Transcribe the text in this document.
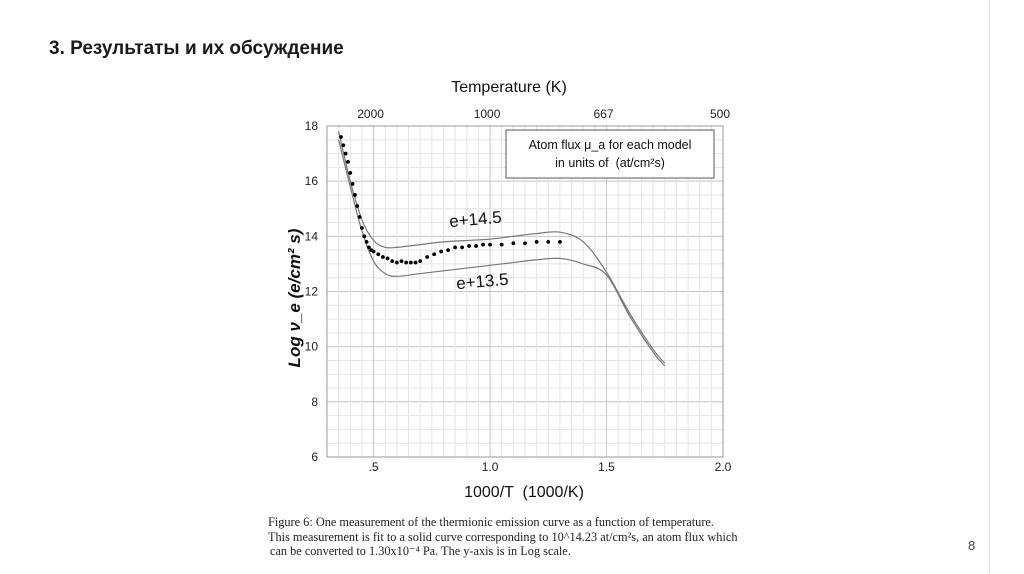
3. Результаты и их обсуждение
6
8
10
12
14
16
18
.5	1.0	1.5	2.0
2000	1000	667	500
Temperature (K)
1000/T  (1000/K)
Log ν_e (e/cm² s)
Atom flux μ_a for each model
in units of  (at/cm²s)
e+14.5
e+13.5

Figure 6: One measurement of the thermionic emission curve as a function of temperature.

This measurement is fit to a solid curve corresponding to 10^14.23 at/cm²s, an atom flux which

can be converted to 1.30x10⁻⁴ Pa. The y-axis is in Log scale.	8
